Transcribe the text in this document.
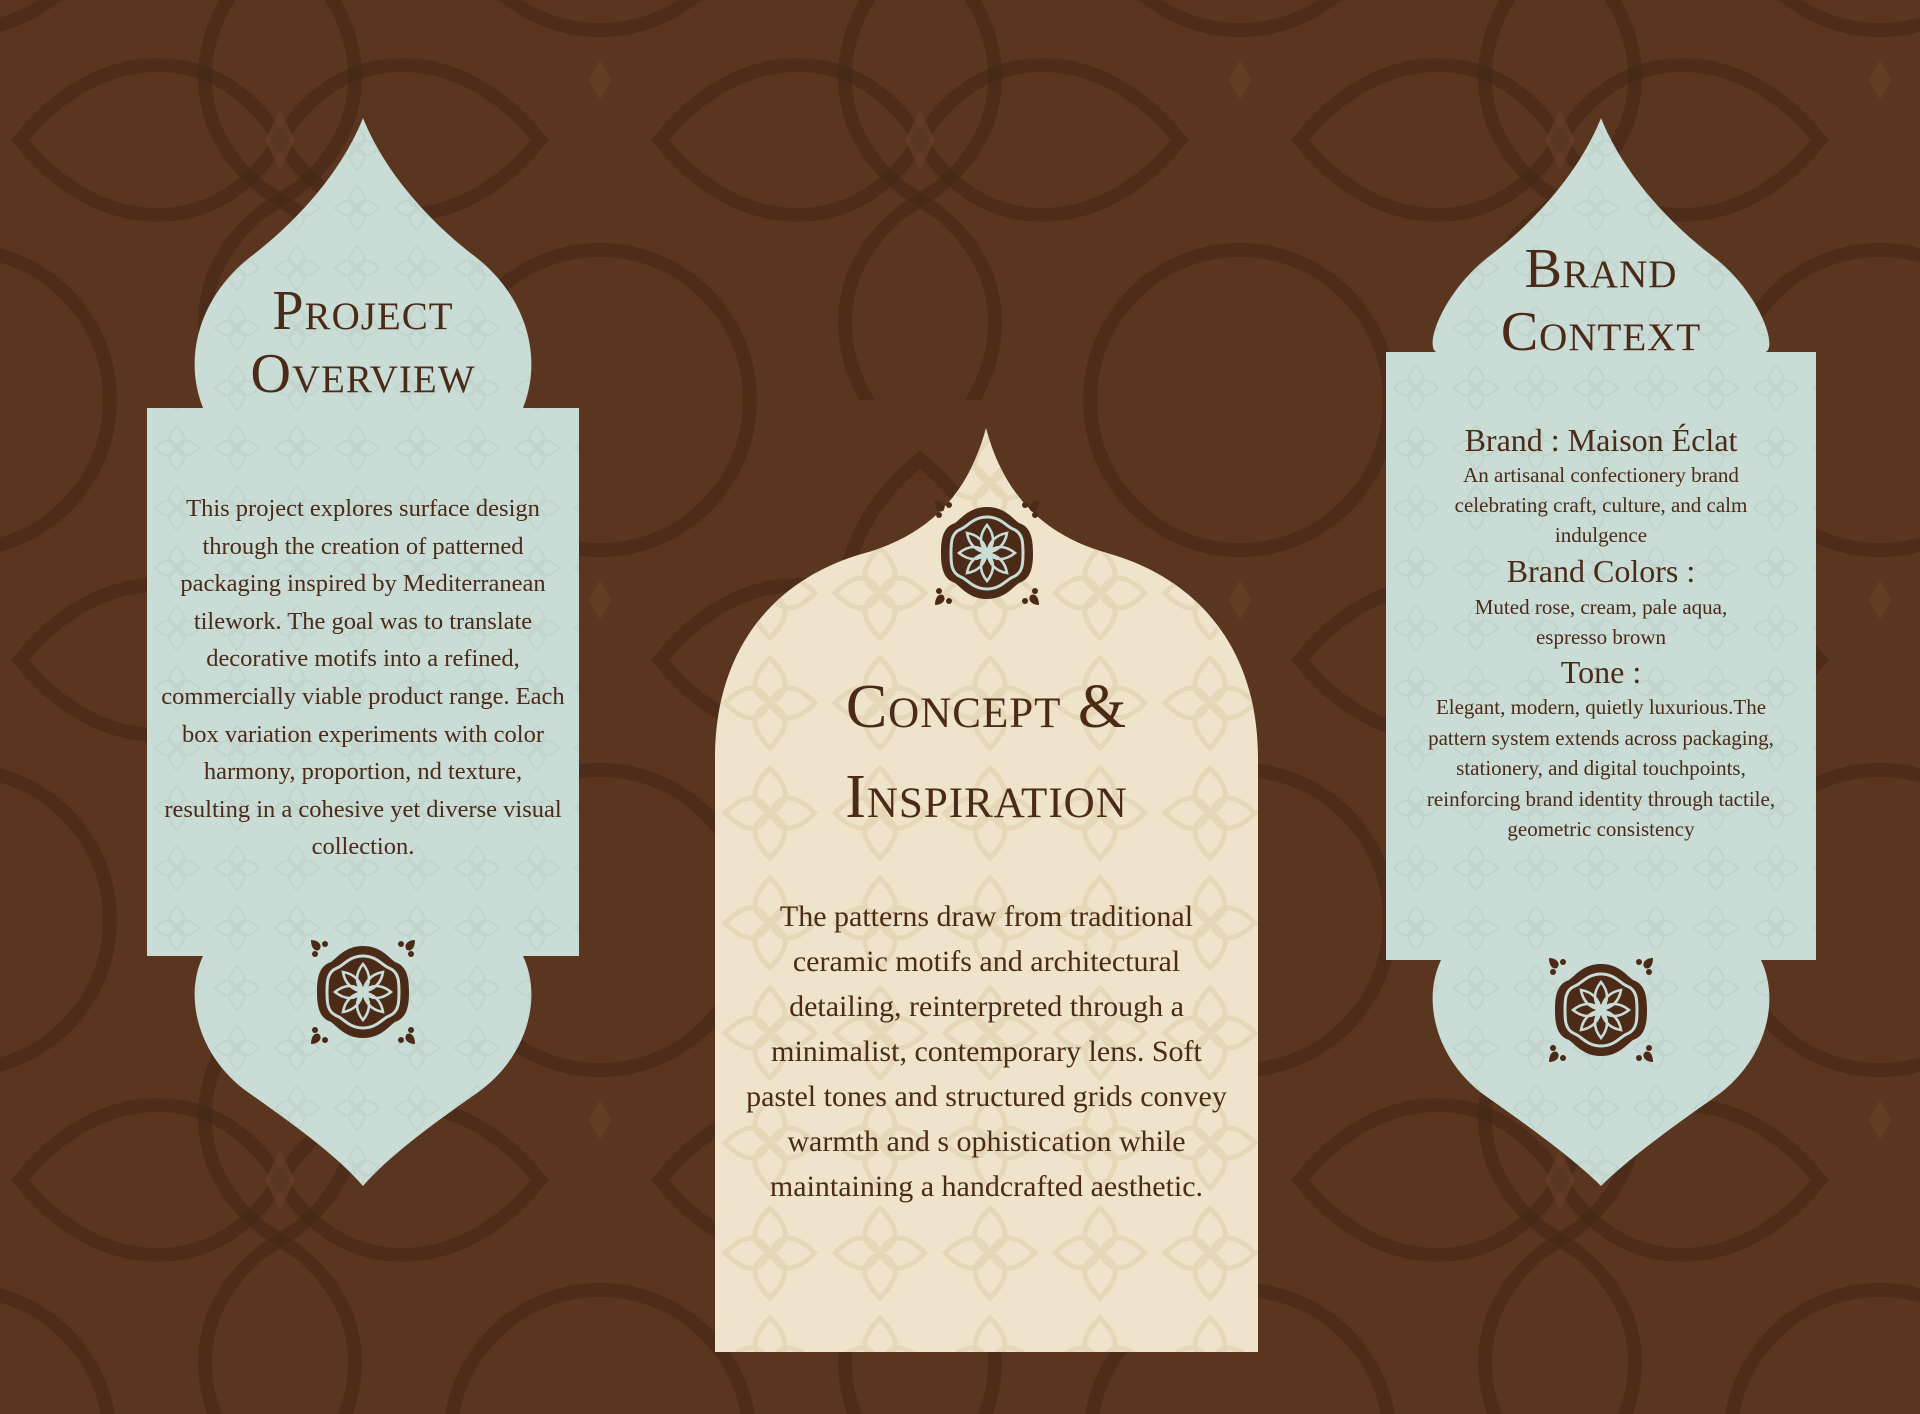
Project
Overview

This project explores surface design through the creation of patterned packaging inspired by Mediterranean tilework. The goal was to translate decorative motifs into a refined, commercially viable product range. Each box variation experiments with color harmony, proportion, nd texture, resulting in a cohesive yet diverse visual collection.

Concept &
Inspiration

The patterns draw from traditional ceramic motifs and architectural detailing, reinterpreted through a minimalist, contemporary lens. Soft pastel tones and structured grids convey warmth and s ophistication while maintaining a handcrafted aesthetic.

Brand
Context
Brand : Maison Éclat

An artisanal confectionery brand celebrating craft, culture, and calm indulgence

Brand Colors :

Muted rose, cream, pale aqua, espresso brown

Tone :

Elegant, modern, quietly luxurious.The pattern system extends across packaging, stationery, and digital touchpoints, reinforcing brand identity through tactile, geometric consistency
